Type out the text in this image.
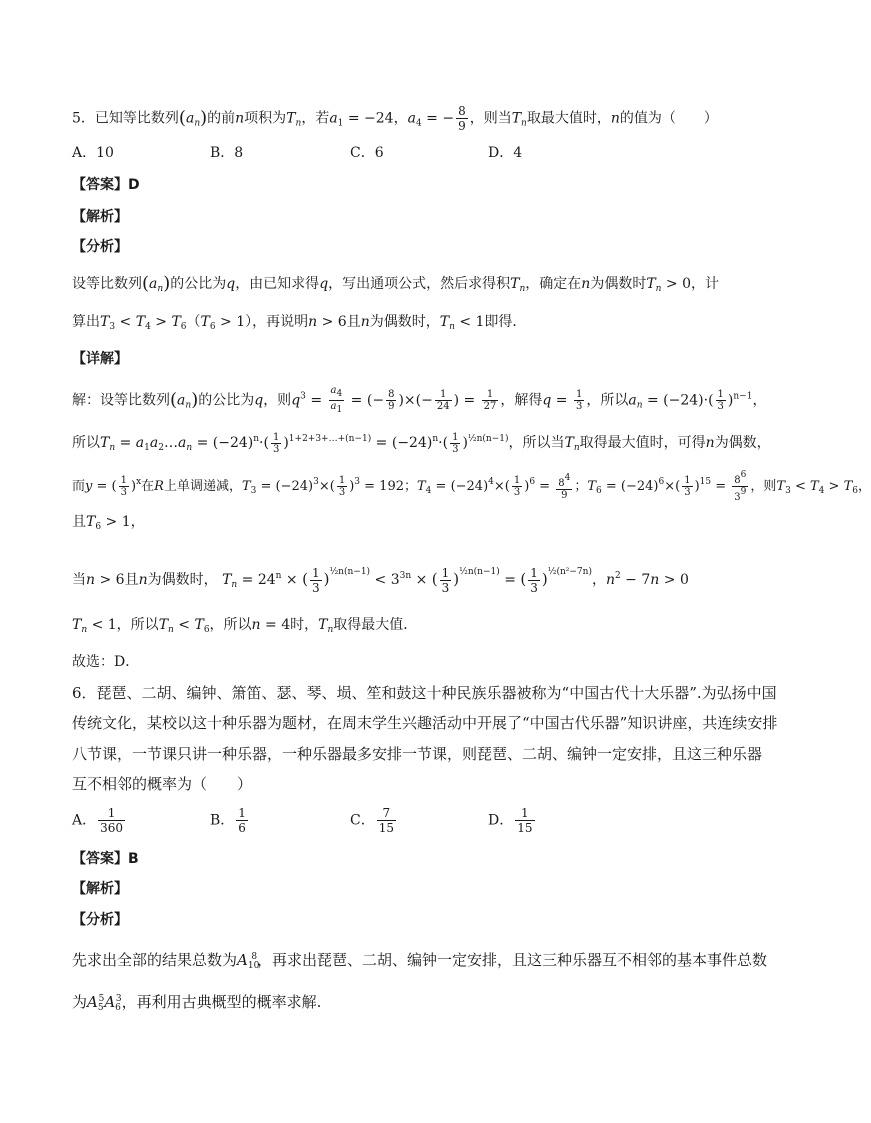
5．已知等比数列$(a_n)$的前n项积为$T_n$，若$a_1 = -24$，$a_4$ = − $\frac{8}{9}$ ，则当$T_n$取最大值时，n的值为（　　）
A．10	B．8	C．6	D．4
【答案】D
【解析】
【分析】
设等比数列$(a_n)$的公比为q，由已知求得q，写出通项公式，然后求得积$T_n$，确定在n为偶数时$T_n > 0$，计
算出$T_3 < T_4 > T_6(T_6 > 1)$，再说明n > 6且n为偶数时，$T_n < 1$即得．
【详解】
解：设等比数列$(a_n)$的公比为q，则$q^3 = \frac{a4}{a1}$ = (− $\frac{8}{9}$ )×(− $\frac{1}{24}$ ) = $\frac{1}{27}$ ，解得$q = \frac{1}{3}$ ，所以$a_n = (-24)\cdot( \frac{1}{3} )^{n-1}$，
所以$T_n$ = $a_1a_2\dots a_n = (-24)^n\cdot( \frac{1}{3} )^{1+2+3+\dots+(n-1)} = (-24)^n\cdot( \frac{1}{3} )^{\frac{1}{2}n(n-1)}$，所以当$T_n$取得最大值时，可得n为偶数，
而y = ( $\frac{1}{3} )^x$在R上单调递减，$T_3 = (-24)^3\times( \frac{1}{3} )^3 = 192$；$T_4 = (-24)^4\times( \frac{1}{3} )^6 = \frac{84}{9}$ ；$T_6 = (-24)^6\times( \frac{1}{3} )^{15} = \frac{86}{39}$ ，则$T_3 < T_4 > T_6$，
且$T_6 > 1$，
当n > 6且n为偶数时， $T_n = 24^n$ × ( $\frac{1}{3}$ )½n(n−1) < $3^{3n}$ × ( $\frac{1}{3}$ )½n(n−1) = ( $\frac{1}{3}$ )½(n²−7n)，$n^2 - 7n > 0$
$T_n < 1$，所以$T_n < T_6$，所以n = 4时，$T_n$取得最大值．
故选：D．
6．琵琶、二胡、编钟、箫笛、瑟、琴、埙、笙和鼓这十种民族乐器被称为“中国古代十大乐器”.为弘扬中国
传统文化，某校以这十种乐器为题材，在周末学生兴趣活动中开展了“中国古代乐器”知识讲座，共连续安排
八节课，一节课只讲一种乐器，一种乐器最多安排一节课，则琵琶、二胡、编钟一定安排，且这三种乐器
互不相邻的概率为（　　）
A． $\frac{1}{360}$	B． $\frac{1}{6}$	C． $\frac{7}{15}$	D． $\frac{1}{15}$
【答案】B
【解析】
【分析】
先求出全部的结果总数为$A_{10}^8$，再求出琵琶、二胡、编钟一定安排，且这三种乐器互不相邻的基本事件总数
为$A_5^5A_6^3$，再利用古典概型的概率求解.
